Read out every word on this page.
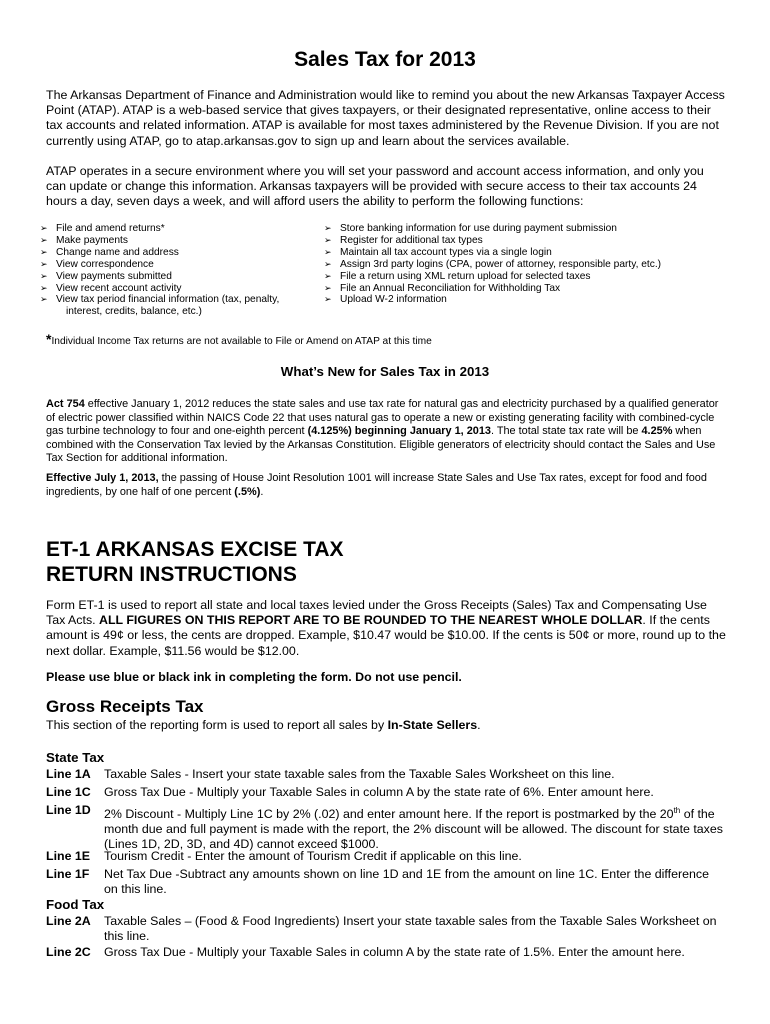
Sales Tax for 2013
The Arkansas Department of Finance and Administration would like to remind you about the new Arkansas Taxpayer Access Point (ATAP). ATAP is a web-based service that gives taxpayers, or their designated representative, online access to their tax accounts and related information. ATAP is available for most taxes administered by the Revenue Division. If you are not currently using ATAP, go to atap.arkansas.gov to sign up and learn about the services available.
ATAP operates in a secure environment where you will set your password and account access information, and only you can update or change this information. Arkansas taxpayers will be provided with secure access to their tax accounts 24 hours a day, seven days a week, and will afford users the ability to perform the following functions:
➢ File and amend returns*
➢ Make payments
➢ Change name and address
➢ View correspondence
➢ View payments submitted
➢ View recent account activity
➢ View tax period financial information (tax, penalty,
interest, credits, balance, etc.)
➢ Store banking information for use during payment submission
➢ Register for additional tax types
➢ Maintain all tax account types via a single login
➢ Assign 3rd party logins (CPA, power of attorney, responsible party, etc.)
➢ File a return using XML return upload for selected taxes
➢ File an Annual Reconciliation for Withholding Tax
➢ Upload W-2 information
*Individual Income Tax returns are not available to File or Amend on ATAP at this time
What’s New for Sales Tax in 2013
Act 754 effective January 1, 2012 reduces the state sales and use tax rate for natural gas and electricity purchased by a qualified generator of electric power classified within NAICS Code 22 that uses natural gas to operate a new or existing generating facility with combined-cycle gas turbine technology to four and one-eighth percent (4.125%) beginning January 1, 2013. The total state tax rate will be 4.25% when combined with the Conservation Tax levied by the Arkansas Constitution. Eligible generators of electricity should contact the Sales and Use Tax Section for additional information.
Effective July 1, 2013, the passing of House Joint Resolution 1001 will increase State Sales and Use Tax rates, except for food and food ingredients, by one half of one percent (.5%).
ET-1 ARKANSAS EXCISE TAX
RETURN INSTRUCTIONS
Form ET-1 is used to report all state and local taxes levied under the Gross Receipts (Sales) Tax and Compensating Use Tax Acts. ALL FIGURES ON THIS REPORT ARE TO BE ROUNDED TO THE NEAREST WHOLE DOLLAR. If the cents amount is 49¢ or less, the cents are dropped. Example, $10.47 would be $10.00. If the cents is 50¢ or more, round up to the next dollar. Example, $11.56 would be $12.00.
Please use blue or black ink in completing the form. Do not use pencil.
Gross Receipts Tax
This section of the reporting form is used to report all sales by In-State Sellers.
State Tax
Line 1A	Taxable Sales - Insert your state taxable sales from the Taxable Sales Worksheet on this line.
Line 1C	Gross Tax Due - Multiply your Taxable Sales in column A by the state rate of 6%. Enter amount here.
Line 1D	2% Discount - Multiply Line 1C by 2% (.02) and enter amount here. If the report is postmarked by the 20th of the month due and full payment is made with the report, the 2% discount will be allowed. The discount for state taxes (Lines 1D, 2D, 3D, and 4D) cannot exceed $1000.
Line 1E	Tourism Credit - Enter the amount of Tourism Credit if applicable on this line.
Line 1F	Net Tax Due -Subtract any amounts shown on line 1D and 1E from the amount on line 1C. Enter the difference on this line.
Food Tax
Line 2A	Taxable Sales – (Food & Food Ingredients) Insert your state taxable sales from the Taxable Sales Worksheet on this line.
Line 2C	Gross Tax Due - Multiply your Taxable Sales in column A by the state rate of 1.5%. Enter the amount here.
